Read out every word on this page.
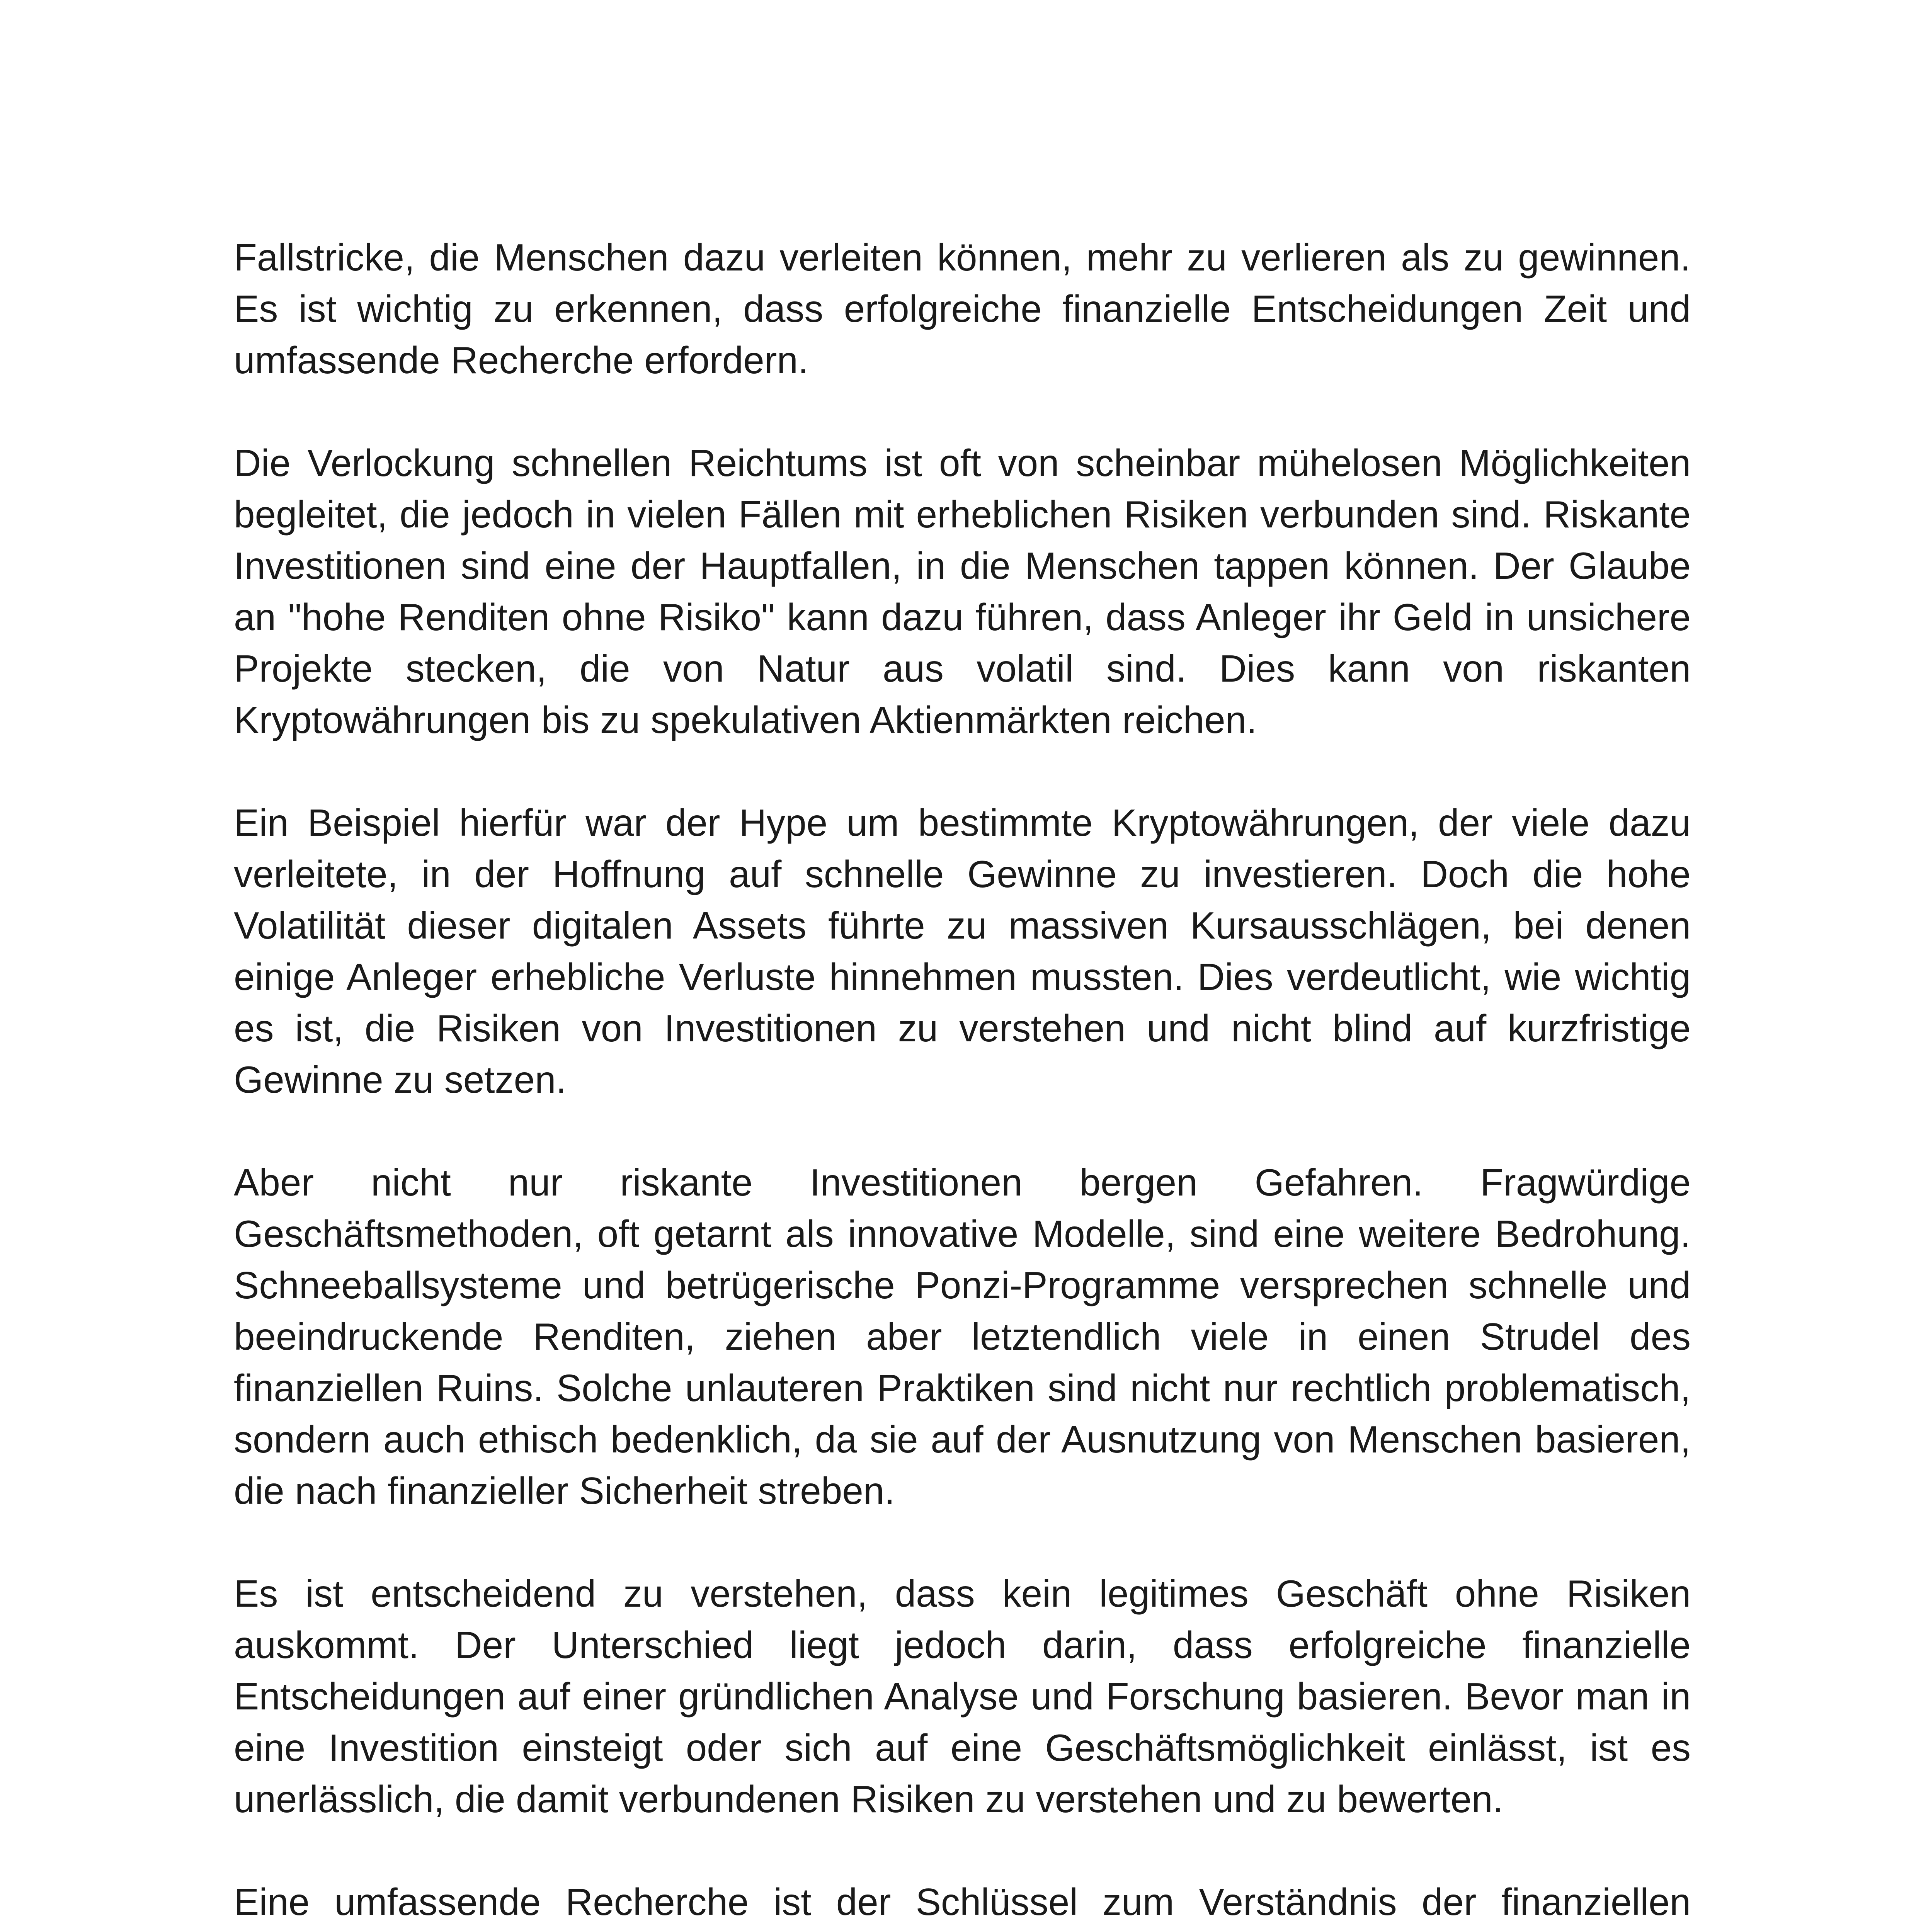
Fallstricke, die Menschen dazu verleiten können, mehr zu verlieren als zu gewinnen. Es ist wichtig zu erkennen, dass erfolgreiche finanzielle Entscheidungen Zeit und umfassende Recherche erfordern.

Die Verlockung schnellen Reichtums ist oft von scheinbar mühelosen Möglichkeiten begleitet, die jedoch in vielen Fällen mit erheblichen Risiken verbunden sind. Riskante Investitionen sind eine der Hauptfallen, in die Menschen tappen können. Der Glaube an "hohe Renditen ohne Risiko" kann dazu führen, dass Anleger ihr Geld in unsichere Projekte stecken, die von Natur aus volatil sind. Dies kann von riskanten Kryptowährungen bis zu spekulativen Aktienmärkten reichen.

Ein Beispiel hierfür war der Hype um bestimmte Kryptowährungen, der viele dazu verleitete, in der Hoffnung auf schnelle Gewinne zu investieren. Doch die hohe Volatilität dieser digitalen Assets führte zu massiven Kursausschlägen, bei denen einige Anleger erhebliche Verluste hinnehmen mussten. Dies verdeutlicht, wie wichtig es ist, die Risiken von Investitionen zu verstehen und nicht blind auf kurzfristige Gewinne zu setzen.

Aber nicht nur riskante Investitionen bergen Gefahren. Fragwürdige Geschäftsmethoden, oft getarnt als innovative Modelle, sind eine weitere Bedrohung. Schneeballsysteme und betrügerische Ponzi-Programme versprechen schnelle und beeindruckende Renditen, ziehen aber letztendlich viele in einen Strudel des finanziellen Ruins. Solche unlauteren Praktiken sind nicht nur rechtlich problematisch, sondern auch ethisch bedenklich, da sie auf der Ausnutzung von Menschen basieren, die nach finanzieller Sicherheit streben.

Es ist entscheidend zu verstehen, dass kein legitimes Geschäft ohne Risiken auskommt. Der Unterschied liegt jedoch darin, dass erfolgreiche finanzielle Entscheidungen auf einer gründlichen Analyse und Forschung basieren. Bevor man in eine Investition einsteigt oder sich auf eine Geschäftsmöglichkeit einlässt, ist es unerlässlich, die damit verbundenen Risiken zu verstehen und zu bewerten.

Eine umfassende Recherche ist der Schlüssel zum Verständnis der finanziellen
